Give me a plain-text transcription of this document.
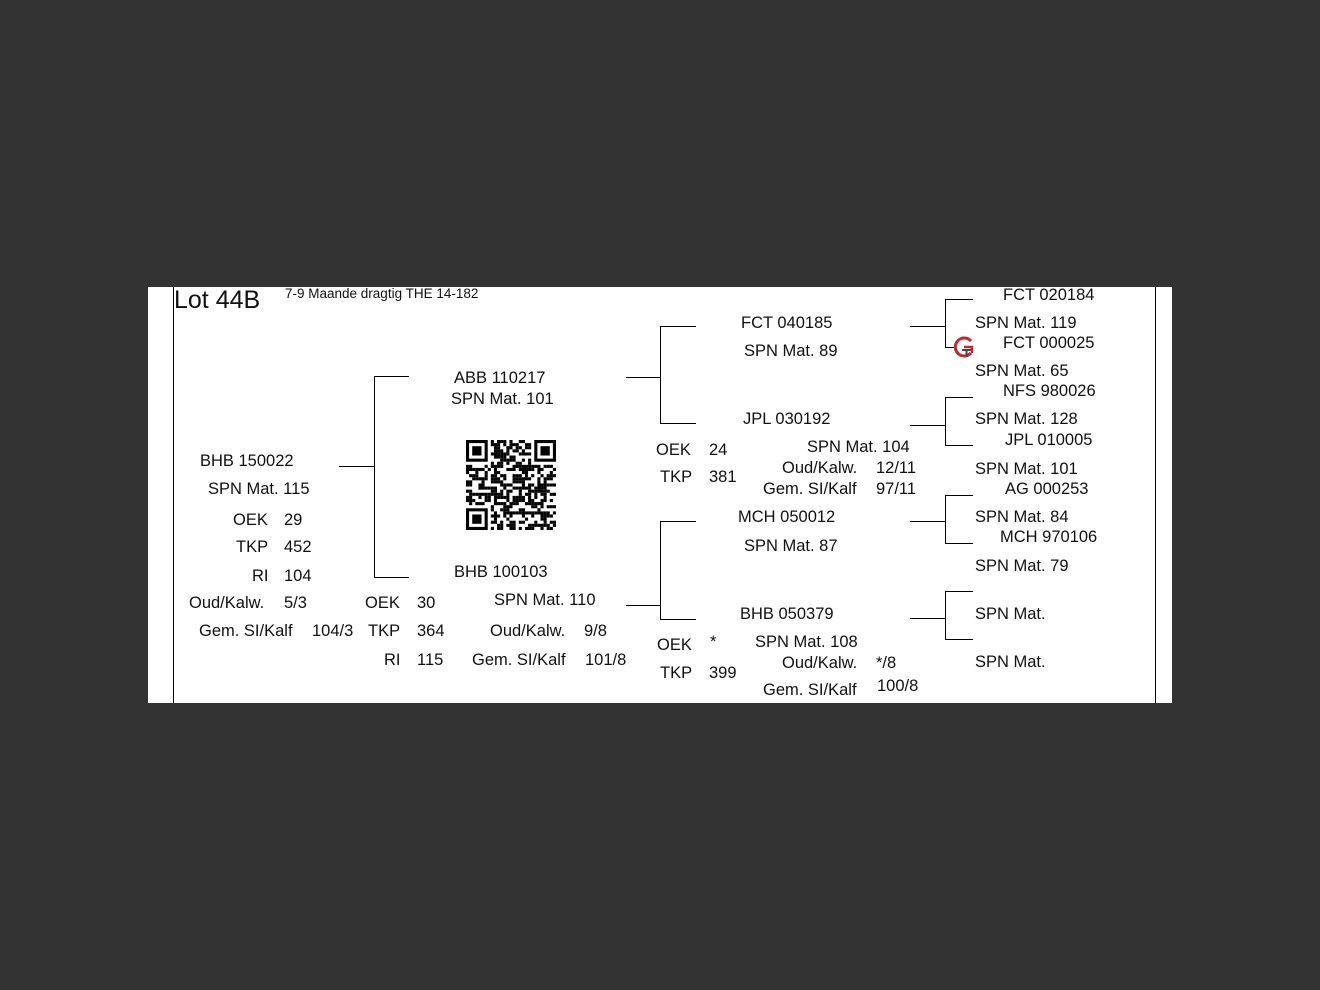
Lot 44B 7-9 Maande dragtig THE 14-182
BHB 150022
SPN Mat. 115
OEK 29
TKP 452
RI 104
Oud/Kalw. 5/3
Gem. SI/Kalf 104/3
ABB 110217
SPN Mat. 101
BHB 100103
SPN Mat. 110
OEK 30
TKP 364
RI 115
Oud/Kalw. 9/8
Gem. SI/Kalf 101/8
FCT 040185
SPN Mat. 89
JPL 030192
SPN Mat. 104
OEK 24
TKP 381	Oud/Kalw. 12/11
Gem. SI/Kalf 97/11
MCH 050012
SPN Mat. 87
BHB 050379
SPN Mat. 108
OEK *
TKP 399
Oud/Kalw. */8
Gem. SI/Kalf 100/8
FCT 020184
SPN Mat. 119
FCT 000025
SPN Mat. 65
NFS 980026
SPN Mat. 128
JPL 010005
SPN Mat. 101
AG 000253
SPN Mat. 84
MCH 970106
SPN Mat. 79
SPN Mat.
SPN Mat.
